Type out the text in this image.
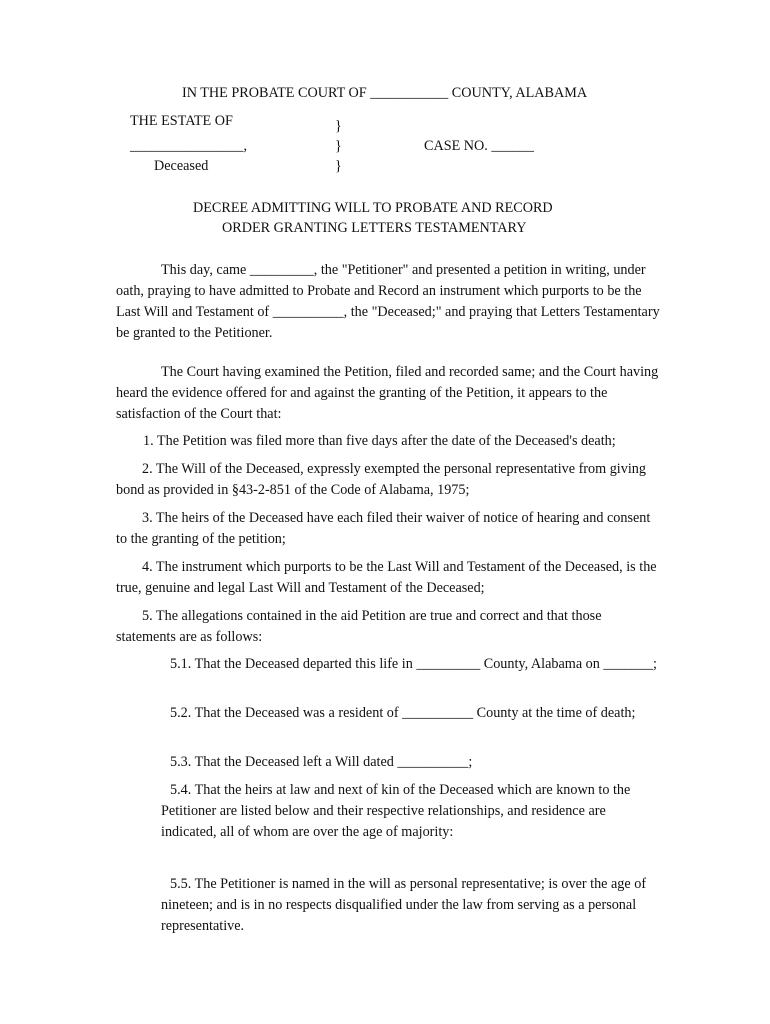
IN THE PROBATE COURT OF ___________ COUNTY, ALABAMA

THE ESTATE OF

________________,

Deceased

}

}

}

CASE NO. ______

DECREE ADMITTING WILL TO PROBATE AND RECORD

ORDER GRANTING LETTERS TESTAMENTARY

This day, came _________, the "Petitioner" and presented a petition in writing, under oath, praying to have admitted to Probate and Record an instrument which purports to be the Last Will and Testament of __________, the "Deceased;" and praying that Letters Testamentary be granted to the Petitioner.

The Court having examined the Petition, filed and recorded same; and the Court having heard the evidence offered for and against the granting of the Petition, it appears to the satisfaction of the Court that:

1. The Petition was filed more than five days after the date of the Deceased's death;

2. The Will of the Deceased, expressly exempted the personal representative from giving bond as provided in §43-2-851 of the Code of Alabama, 1975;

3. The heirs of the Deceased have each filed their waiver of notice of hearing and consent to the granting of the petition;

4. The instrument which purports to be the Last Will and Testament of the Deceased, is the true, genuine and legal Last Will and Testament of the Deceased;

5. The allegations contained in the aid Petition are true and correct and that those statements are as follows:

5.1. That the Deceased departed this life in _________ County, Alabama on _______;

5.2. That the Deceased was a resident of __________ County at the time of death;

5.3. That the Deceased left a Will dated __________;

5.4. That the heirs at law and next of kin of the Deceased which are known to the Petitioner are listed below and their respective relationships, and residence are indicated, all of whom are over the age of majority:

5.5. The Petitioner is named in the will as personal representative; is over the age of nineteen; and is in no respects disqualified under the law from serving as a personal representative.
